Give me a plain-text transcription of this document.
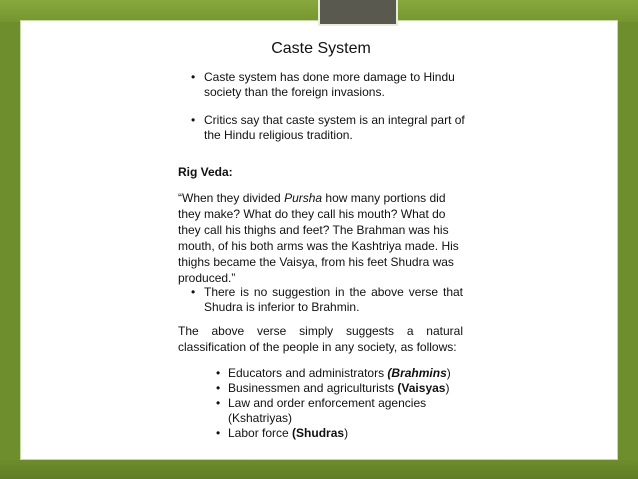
Caste System
• Caste system has done more damage to Hindu
society than the foreign invasions.
• Critics say that caste system is an integral part of
the Hindu religious tradition.
Rig Veda:
“When they divided Pursha how many portions did
they make? What do they call his mouth? What do
they call his thighs and feet? The Brahman was his
mouth, of his both arms was the Kashtriya made. His
thighs became the Vaisya, from his feet Shudra was
produced.”
• There is no suggestion in the above verse that
Shudra is inferior to Brahmin.
The above verse simply suggests a natural
classification of the people in any society, as follows:
• Educators and administrators (Brahmins)
• Businessmen and agriculturists (Vaisyas)
• Law and order enforcement agencies
(Kshatriyas)
• Labor force (Shudras)
